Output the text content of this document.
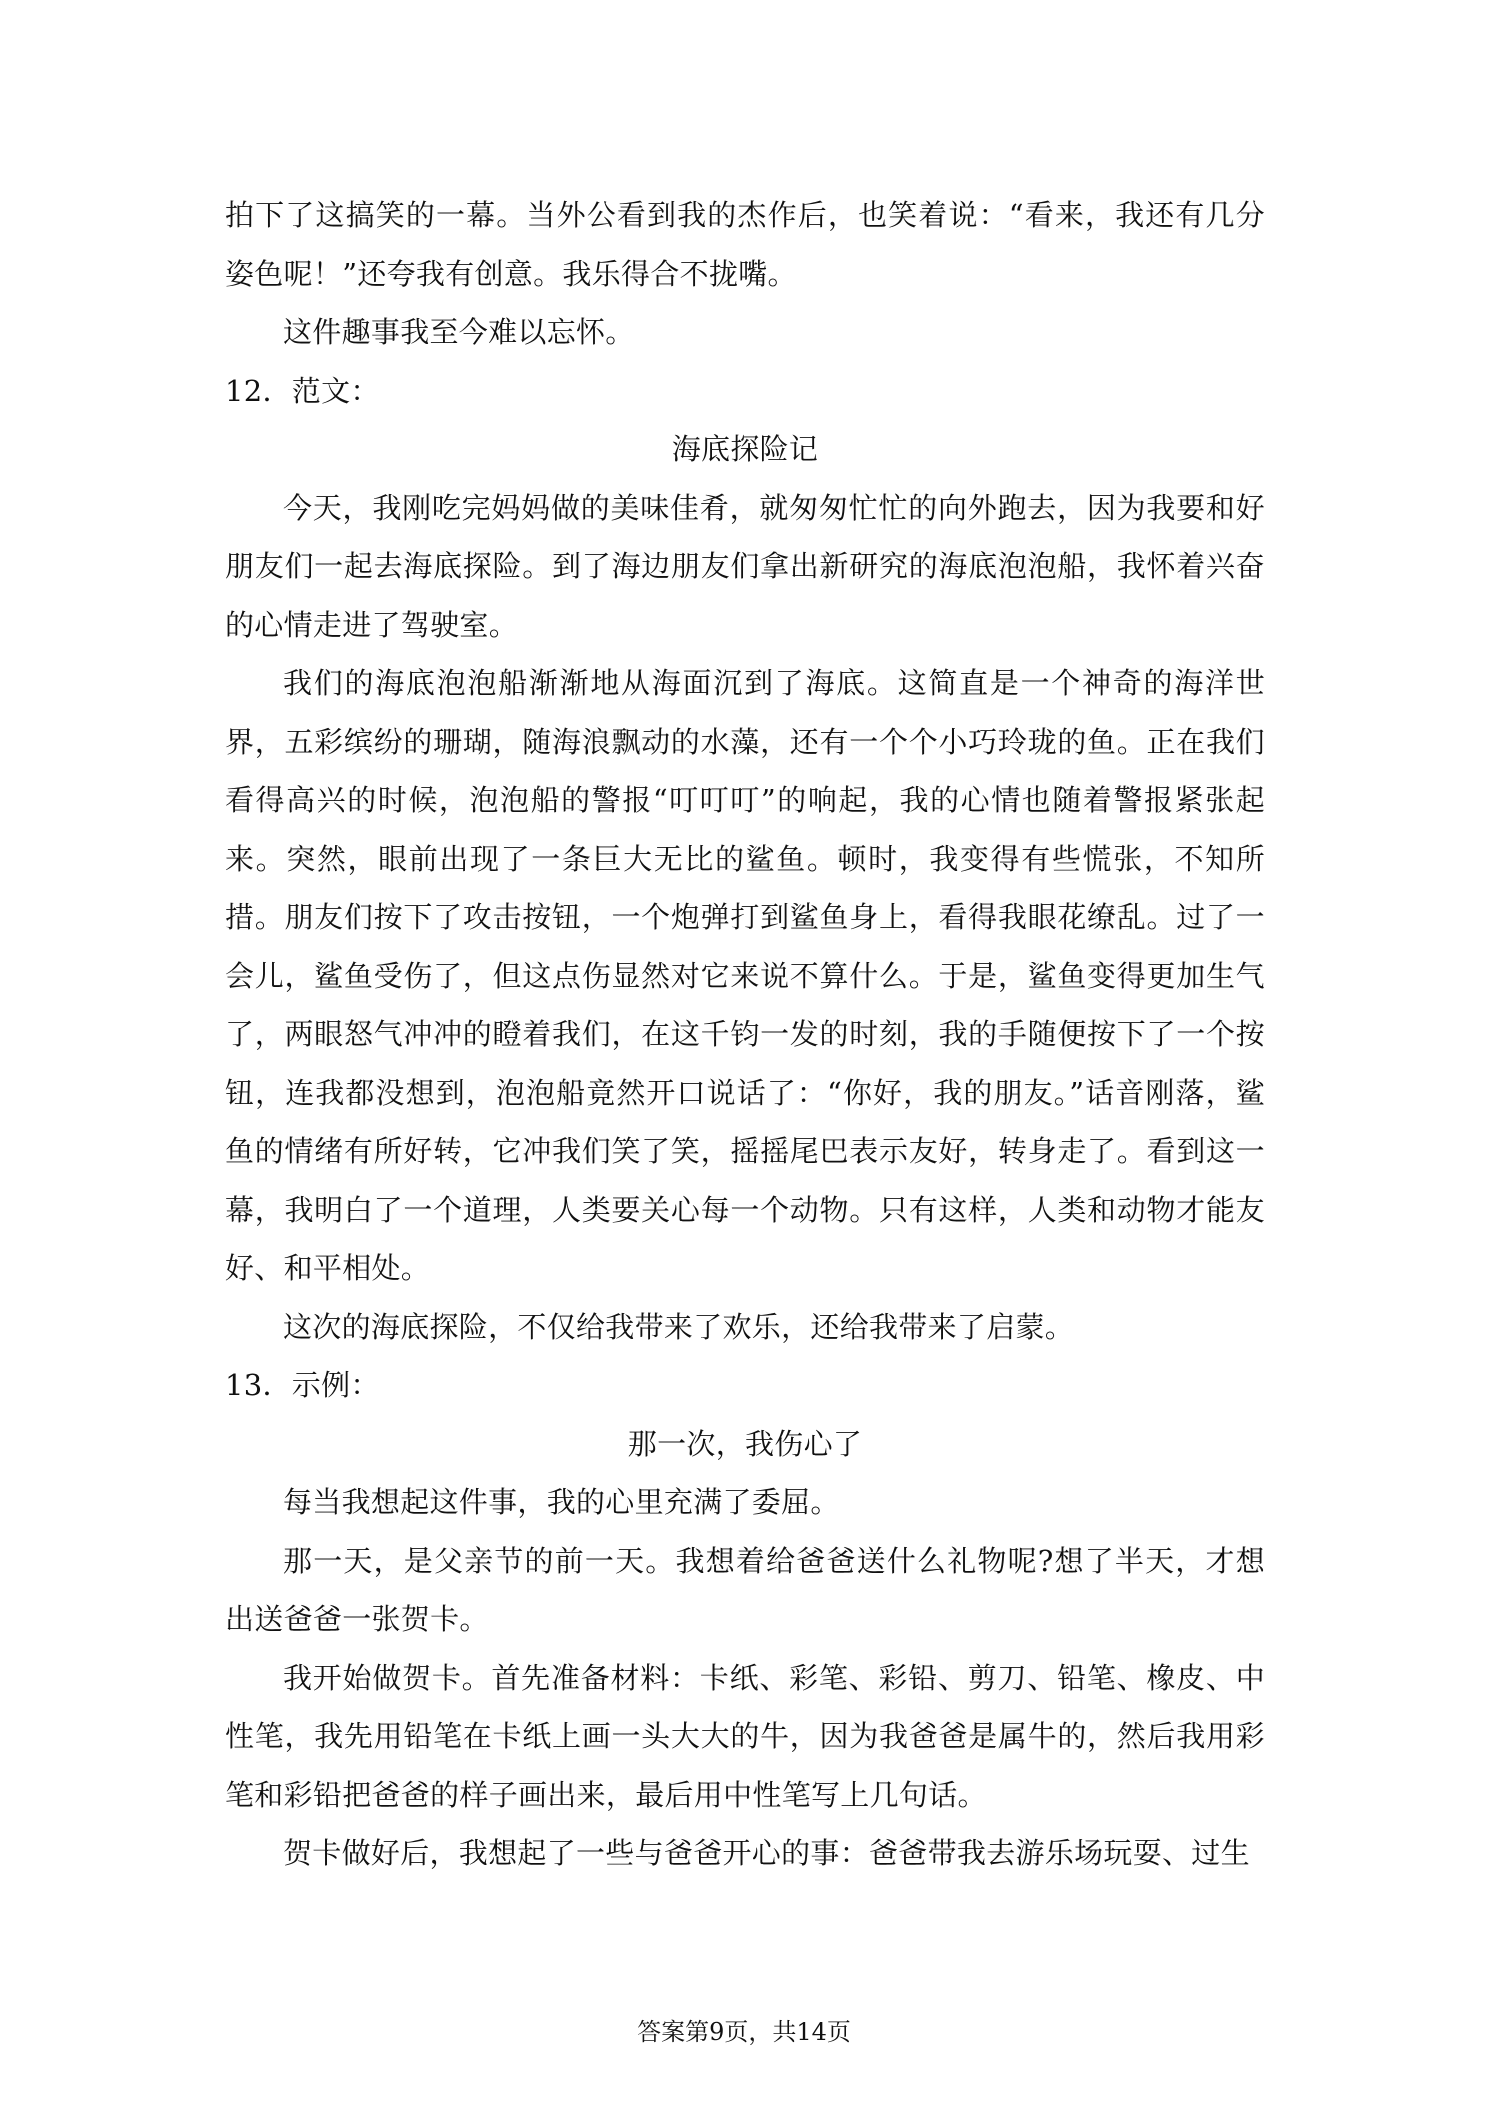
拍下了这搞笑的一幕。当外公看到我的杰作后，也笑着说：“看来，我还有几分姿色呢！”还夸我有创意。我乐得合不拢嘴。

这件趣事我至今难以忘怀。

12．范文：

海底探险记

今天，我刚吃完妈妈做的美味佳肴，就匆匆忙忙的向外跑去，因为我要和好朋友们一起去海底探险。到了海边朋友们拿出新研究的海底泡泡船，我怀着兴奋的心情走进了驾驶室。

我们的海底泡泡船渐渐地从海面沉到了海底。这简直是一个神奇的海洋世界，五彩缤纷的珊瑚，随海浪飘动的水藻，还有一个个小巧玲珑的鱼。正在我们看得高兴的时候，泡泡船的警报“叮叮叮”的响起，我的心情也随着警报紧张起来。突然，眼前出现了一条巨大无比的鲨鱼。顿时，我变得有些慌张，不知所措。朋友们按下了攻击按钮，一个炮弹打到鲨鱼身上，看得我眼花缭乱。过了一会儿，鲨鱼受伤了，但这点伤显然对它来说不算什么。于是，鲨鱼变得更加生气了，两眼怒气冲冲的瞪着我们，在这千钧一发的时刻，我的手随便按下了一个按钮，连我都没想到，泡泡船竟然开口说话了：“你好，我的朋友。”话音刚落，鲨鱼的情绪有所好转，它冲我们笑了笑，摇摇尾巴表示友好，转身走了。看到这一幕，我明白了一个道理，人类要关心每一个动物。只有这样，人类和动物才能友好、和平相处。

这次的海底探险，不仅给我带来了欢乐，还给我带来了启蒙。

13．示例：

那一次，我伤心了

每当我想起这件事，我的心里充满了委屈。

那一天，是父亲节的前一天。我想着给爸爸送什么礼物呢?想了半天，才想出送爸爸一张贺卡。

我开始做贺卡。首先准备材料：卡纸、彩笔、彩铅、剪刀、铅笔、橡皮、中性笔，我先用铅笔在卡纸上画一头大大的牛，因为我爸爸是属牛的，然后我用彩笔和彩铅把爸爸的样子画出来，最后用中性笔写上几句话。

贺卡做好后，我想起了一些与爸爸开心的事：爸爸带我去游乐场玩耍、过生

答案第9页，共14页
